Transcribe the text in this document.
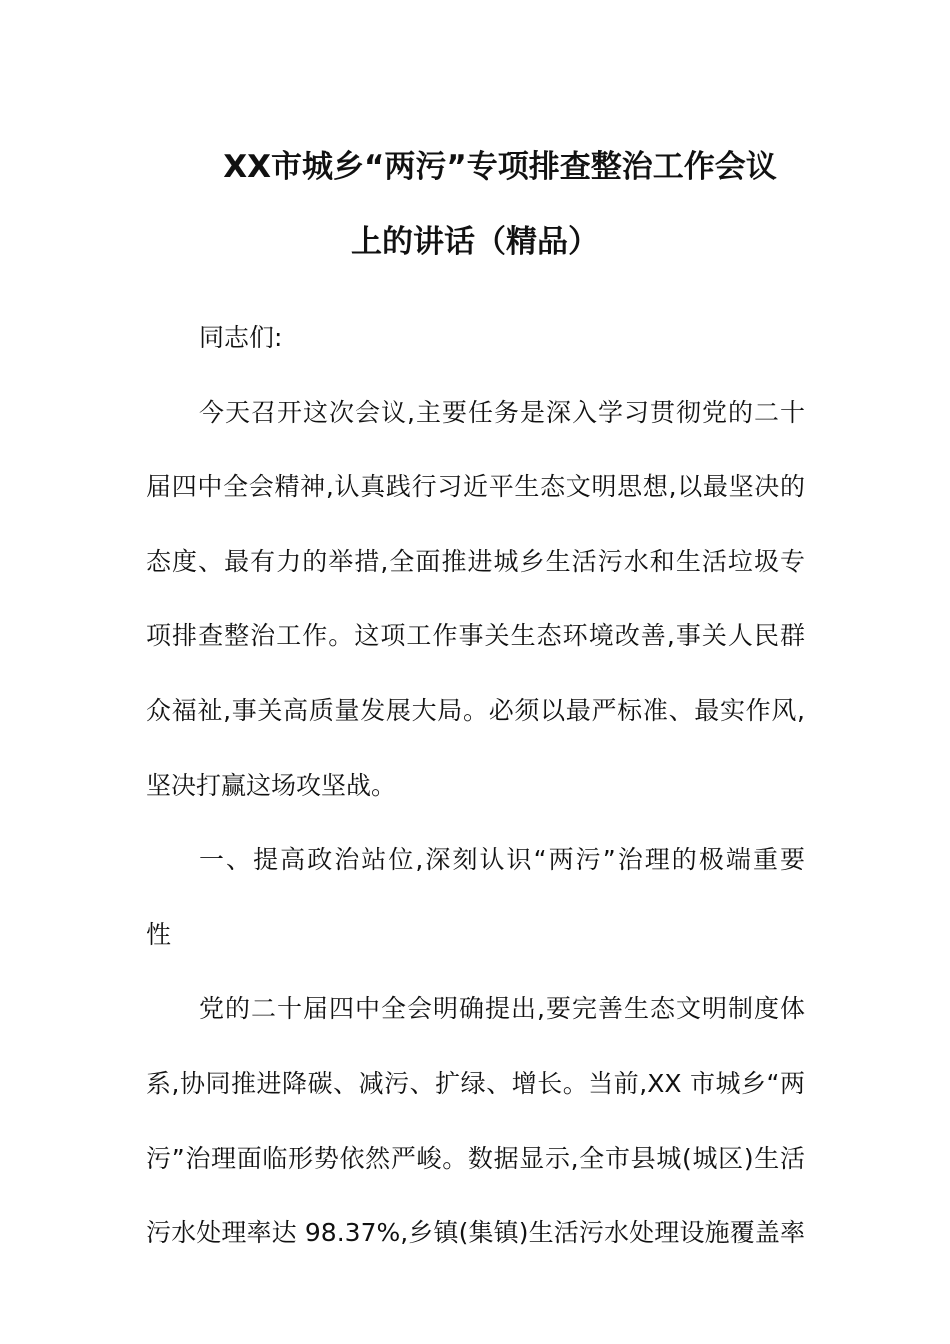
XX市城乡“两污”专项排查整治工作会议
上的讲话（精品）
同志们:
今天召开这次会议,主要任务是深入学习贯彻党的二十
届四中全会精神,认真践行习近平生态文明思想,以最坚决的
态度、最有力的举措,全面推进城乡生活污水和生活垃圾专
项排查整治工作。这项工作事关生态环境改善,事关人民群
众福祉,事关高质量发展大局。必须以最严标准、最实作风,
坚决打赢这场攻坚战。
一、提高政治站位,深刻认识“两污”治理的极端重要
性
党的二十届四中全会明确提出,要完善生态文明制度体
系,协同推进降碳、减污、扩绿、增长。当前,XX 市城乡“两
污”治理面临形势依然严峻。数据显示,全市县城(城区)生活
污水处理率达 98.37%,乡镇(集镇)生活污水处理设施覆盖率
